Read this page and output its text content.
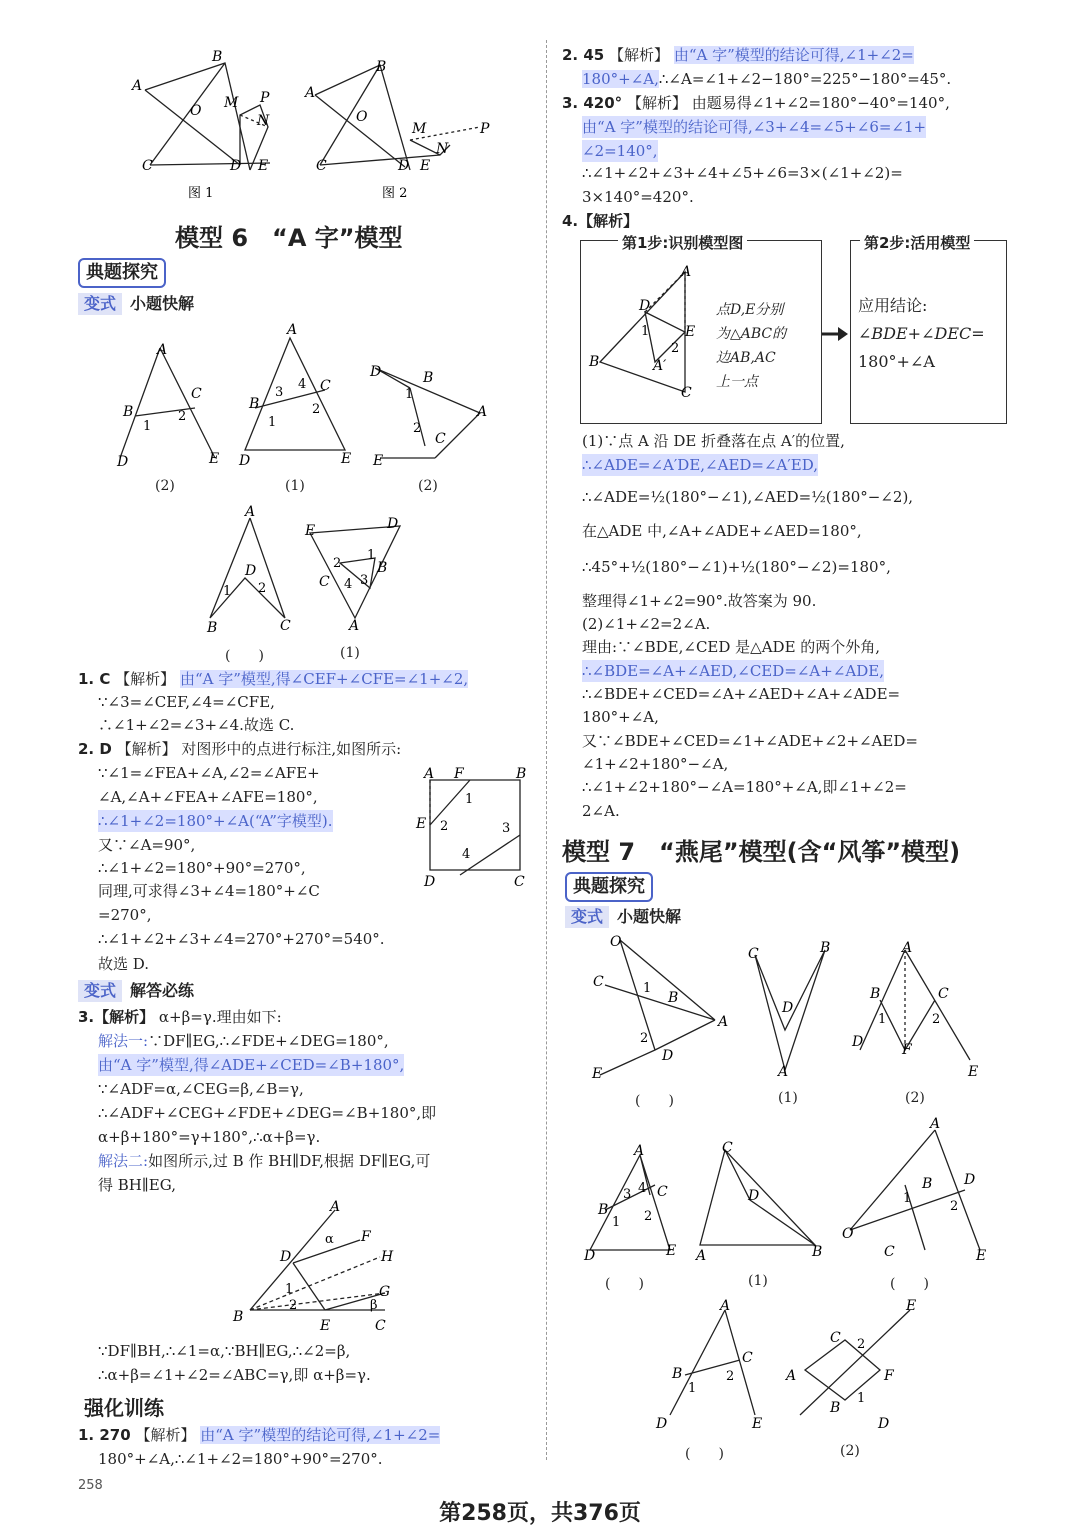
A
B
O M P
N
C	D E
A
B
O
M	P
N
C	D E
图 1	图 2
模型 6　“A 字”模型
典题探究
变式 小题快解
A
B
C
1
2
D	E
A
B
C
3
4
1
2
D	E
D	B
A
1
2
C
E
A
D
1 2
B	C
E	D
2
1
C 4 3
B
A
(2)	(1)	(2)
(　　)	(1)
1. C 【解析】 由“A 字”模型,得∠CEF+∠CFE=∠1+∠2,
∵∠3=∠CEF,∠4=∠CFE,
∴∠1+∠2=∠3+∠4.故选 C.
2. D 【解析】 对图形中的点进行标注,如图所示:
∵∠1=∠FEA+∠A,∠2=∠AFE+
∠A,∠A+∠FEA+∠AFE=180°,
∴∠1+∠2=180°+∠A(“A”字模型).
又∵∠A=90°,
∴∠1+∠2=180°+90°=270°,
同理,可求得∠3+∠4=180°+∠C
=270°,
∴∠1+∠2+∠3+∠4=270°+270°=540°.
故选 D.
A F	B
1
E 2	3
4
D	C
变式 解答必练
3.【解析】 α+β=γ.理由如下:
解法一:∵DF∥EG,∴∠FDE+∠DEG=180°,
由“A 字”模型,得∠ADE+∠CED=∠B+180°,
∵∠ADF=α,∠CEG=β,∠B=γ,
∴∠ADF+∠CEG+∠FDE+∠DEG=∠B+180°,即
α+β+180°=γ+180°,∴α+β=γ.
解法二:如图所示,过 B 作 BH∥DF,根据 DF∥EG,可
得 BH∥EG,
A
F
α
D	H
G
1
2	β
B
E	C
∵DF∥BH,∴∠1=α,∵BH∥EG,∴∠2=β,
∴α+β=∠1+∠2=∠ABC=γ,即 α+β=γ.
强化训练
1. 270 【解析】 由“A 字”模型的结论可得,∠1+∠2=
180°+∠A,∴∠1+∠2=180°+90°=270°.
258
2. 45 【解析】 由“A 字”模型的结论可得,∠1+∠2=
180°+∠A,∴∠A=∠1+∠2−180°=225°−180°=45°.
3. 420° 【解析】 由题易得∠1+∠2=180°−40°=140°,
由“A 字”模型的结论可得,∠3+∠4=∠5+∠6=∠1+
∠2=140°,
∴∠1+∠2+∠3+∠4+∠5+∠6=3×(∠1+∠2)=
3×140°=420°.
4.【解析】
第1步:识别模型图
A
D
E
1
2
A′
B
C
点D,E分别
为△ABC的
边AB,AC
上一点
第2步:活用模型
应用结论:
∠BDE+∠DEC=
180°+∠A
(1)∵点 A 沿 DE 折叠落在点 A′的位置,
∴∠ADE=∠A′DE,∠AED=∠A′ED,
∴∠ADE=½(180°−∠1),∠AED=½(180°−∠2),
在△ADE 中,∠A+∠ADE+∠AED=180°,
∴45°+½(180°−∠1)+½(180°−∠2)=180°,
整理得∠1+∠2=90°.故答案为 90.
(2)∠1+∠2=2∠A.
理由:∵∠BDE,∠CED 是△ADE 的两个外角,
∴∠BDE=∠A+∠AED,∠CED=∠A+∠ADE,
∴∠BDE+∠CED=∠A+∠AED+∠A+∠ADE=
180°+∠A,
又∵∠BDE+∠CED=∠1+∠ADE+∠2+∠AED=
∠1+∠2+180°−∠A,
∴∠1+∠2+180°−∠A=180°+∠A,即∠1+∠2=
2∠A.
模型 7　“燕尾”模型(含“风筝”模型)
典题探究
变式 小题快解
O
C
B
1
A
2
D
E
C	B
D
A
A
B	C
1	2
D	F
E
A
B
C
3 4
1 2
D	E
C
D
A	B
A
B D
1
2
O
C	E
A
B
C
1
2
D	E
E
C 2
A	F
B
1
D
(　　)	(1)	(2)
(　　)	(1)	(　　)
(　　)	(2)
第258页，共376页
